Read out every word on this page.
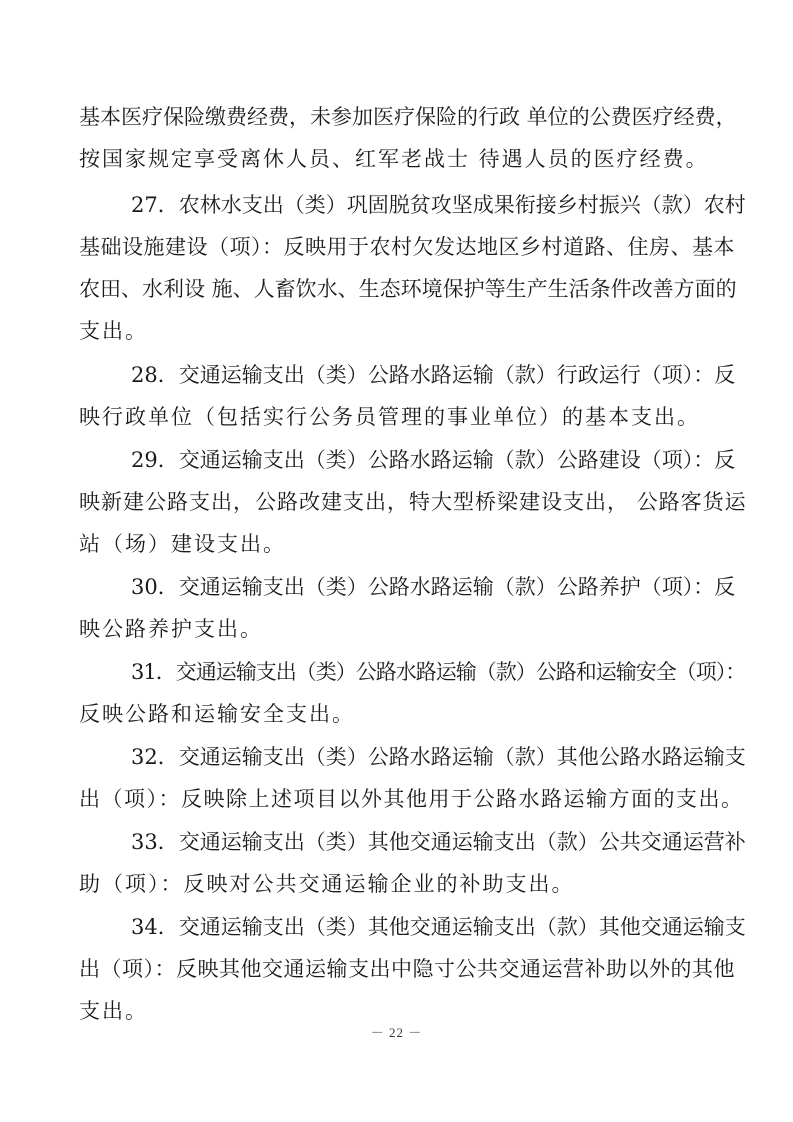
基本医疗保险缴费经费，未参加医疗保险的行政 单位的公费医疗经费，
按国家规定享受离休人员、红军老战士 待遇人员的医疗经费。
27．农林水支出（类）巩固脱贫攻坚成果衔接乡村振兴（款）农村
基础设施建设（项）：反映用于农村欠发达地区乡村道路、住房、基本
农田、水利设 施、人畜饮水、生态环境保护等生产生活条件改善方面的
支出。
28．交通运输支出（类）公路水路运输（款）行政运行（项）：反
映行政单位（包括实行公务员管理的事业单位）的基本支出。
29．交通运输支出（类）公路水路运输（款）公路建设（项）：反
映新建公路支出，公路改建支出，特大型桥梁建设支出， 公路客货运
站（场）建设支出。
30．交通运输支出（类）公路水路运输（款）公路养护（项）：反
映公路养护支出。
31．交通运输支出（类）公路水路运输（款）公路和运输安全（项）：
反映公路和运输安全支出。
32．交通运输支出（类）公路水路运输（款）其他公路水路运输支
出（项）：反映除上述项目以外其他用于公路水路运输方面的支出。
33．交通运输支出（类）其他交通运输支出（款）公共交通运营补
助（项）：反映对公共交通运输企业的补助支出。
34．交通运输支出（类）其他交通运输支出（款）其他交通运输支
出（项）：反映其他交通运输支出中隐寸公共交通运营补助以外的其他
支出。
－ 22 －
